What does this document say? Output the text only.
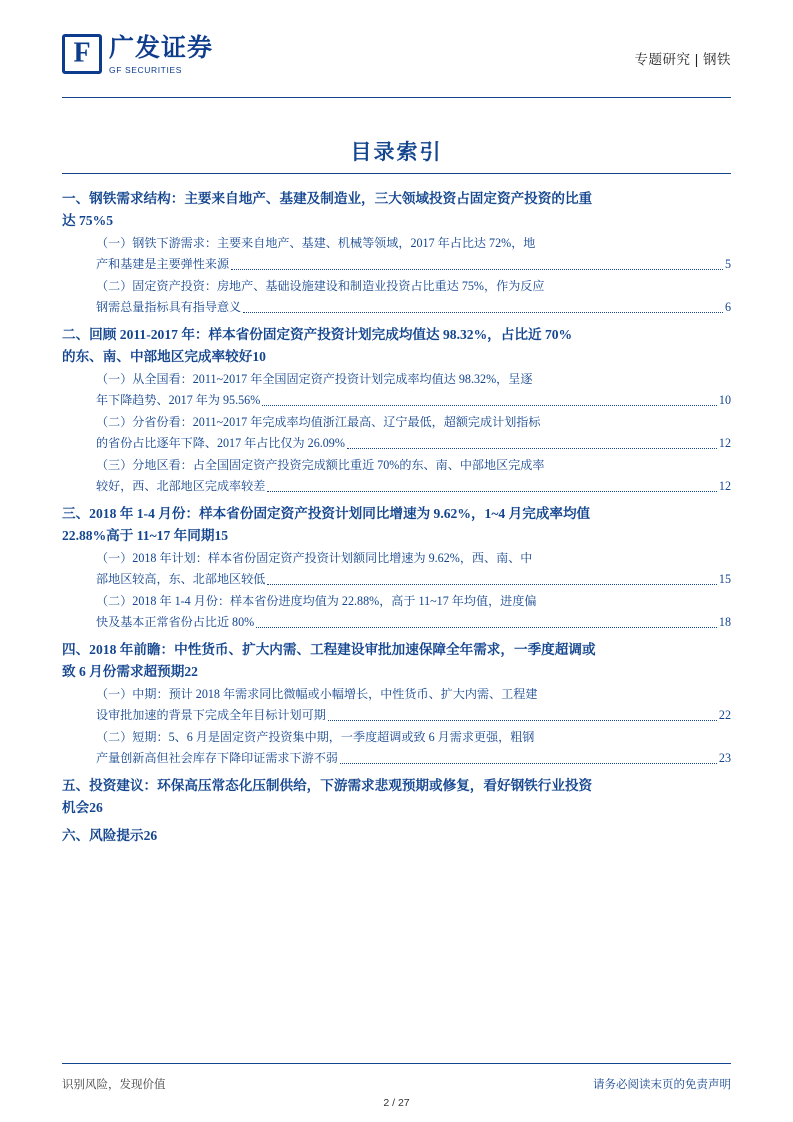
F
广发证券
GF SECURITIES
专题研究 | 钢铁
目录索引
一、钢铁需求结构：主要来自地产、基建及制造业，三大领域投资占固定资产投资的比重
达 75% 5
（一）钢铁下游需求：主要来自地产、基建、机械等领域，2017 年占比达 72%，地
产和基建是主要弹性来源	5
（二）固定资产投资：房地产、基础设施建设和制造业投资占比重达 75%，作为反应
钢需总量指标具有指导意义	6
二、回顾 2011-2017 年：样本省份固定资产投资计划完成均值达 98.32%，占比近 70%
的东、南、中部地区完成率较好 10
（一）从全国看：2011~2017 年全国固定资产投资计划完成率均值达 98.32%，呈逐
年下降趋势、2017 年为 95.56%	10
（二）分省份看：2011~2017 年完成率均值浙江最高、辽宁最低，超额完成计划指标
的省份占比逐年下降、2017 年占比仅为 26.09%	12
（三）分地区看：占全国固定资产投资完成额比重近 70%的东、南、中部地区完成率
较好，西、北部地区完成率较差	12
三、2018 年 1-4 月份：样本省份固定资产投资计划同比增速为 9.62%，1~4 月完成率均值
22.88%高于 11~17 年同期 15
（一）2018 年计划：样本省份固定资产投资计划额同比增速为 9.62%，西、南、中
部地区较高，东、北部地区较低	15
（二）2018 年 1-4 月份：样本省份进度均值为 22.88%，高于 11~17 年均值，进度偏
快及基本正常省份占比近 80%	18
四、2018 年前瞻：中性货币、扩大内需、工程建设审批加速保障全年需求，一季度超调或
致 6 月份需求超预期 22
（一）中期：预计 2018 年需求同比微幅或小幅增长，中性货币、扩大内需、工程建
设审批加速的背景下完成全年目标计划可期	22
（二）短期：5、6 月是固定资产投资集中期，一季度超调或致 6 月需求更强，粗钢
产量创新高但社会库存下降印证需求下游不弱	23
五、投资建议：环保高压常态化压制供给，下游需求悲观预期或修复，看好钢铁行业投资
机会 26
六、风险提示 26
识别风险，发现价值	请务必阅读末页的免责声明
2 / 27
